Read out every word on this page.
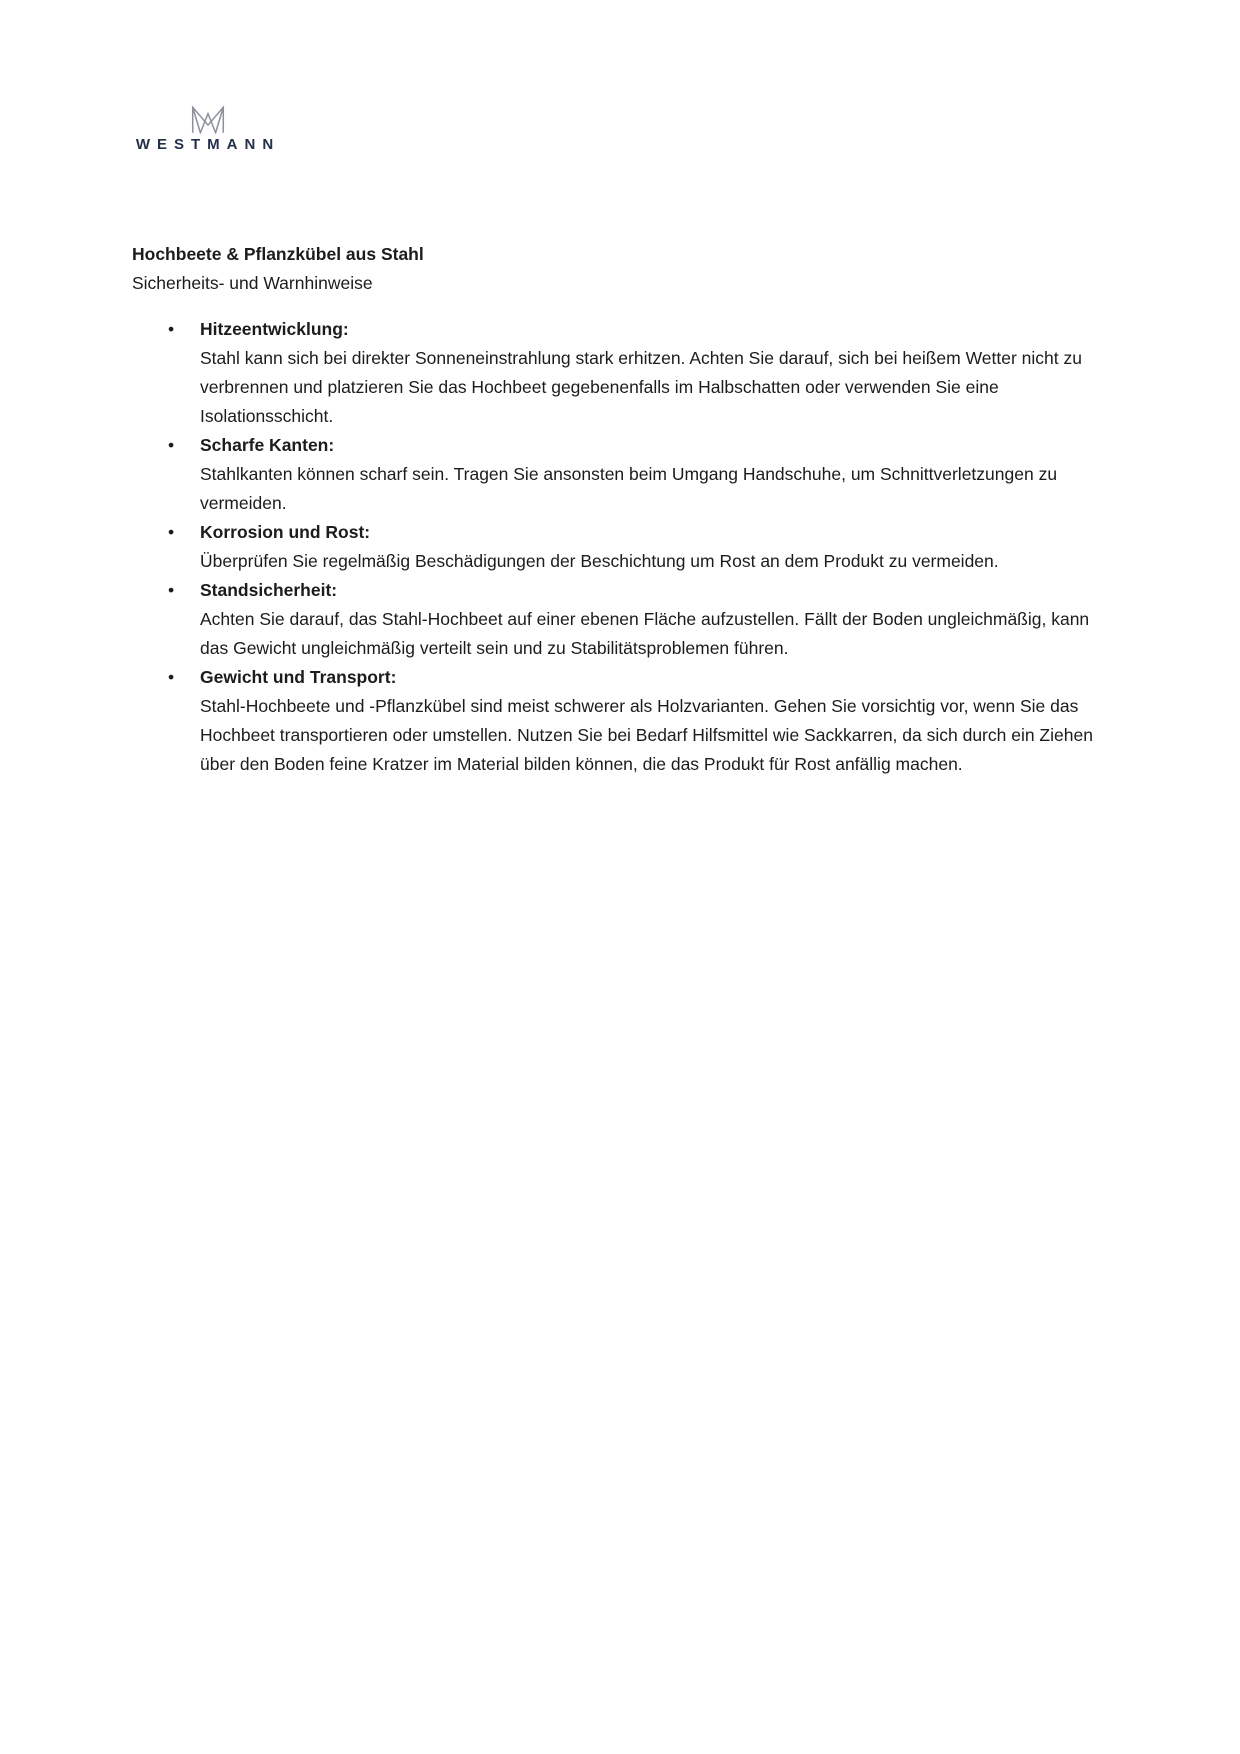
WESTMANN
Hochbeete & Pflanzkübel aus Stahl

Sicherheits- und Warnhinweise

• Hitzeentwicklung:
Stahl kann sich bei direkter Sonneneinstrahlung stark erhitzen. Achten Sie darauf, sich bei heißem Wetter nicht zu verbrennen und platzieren Sie das Hochbeet gegebenenfalls im Halbschatten oder verwenden Sie eine Isolationsschicht.
• Scharfe Kanten:
Stahlkanten können scharf sein. Tragen Sie ansonsten beim Umgang Handschuhe, um Schnittverletzungen zu vermeiden.
• Korrosion und Rost:
Überprüfen Sie regelmäßig Beschädigungen der Beschichtung um Rost an dem Produkt zu vermeiden.
• Standsicherheit:
Achten Sie darauf, das Stahl-Hochbeet auf einer ebenen Fläche aufzustellen. Fällt der Boden ungleichmäßig, kann das Gewicht ungleichmäßig verteilt sein und zu Stabilitätsproblemen führen.
• Gewicht und Transport:
Stahl-Hochbeete und -Pflanzkübel sind meist schwerer als Holzvarianten. Gehen Sie vorsichtig vor, wenn Sie das Hochbeet transportieren oder umstellen. Nutzen Sie bei Bedarf Hilfsmittel wie Sackkarren, da sich durch ein Ziehen über den Boden feine Kratzer im Material bilden können, die das Produkt für Rost anfällig machen.
